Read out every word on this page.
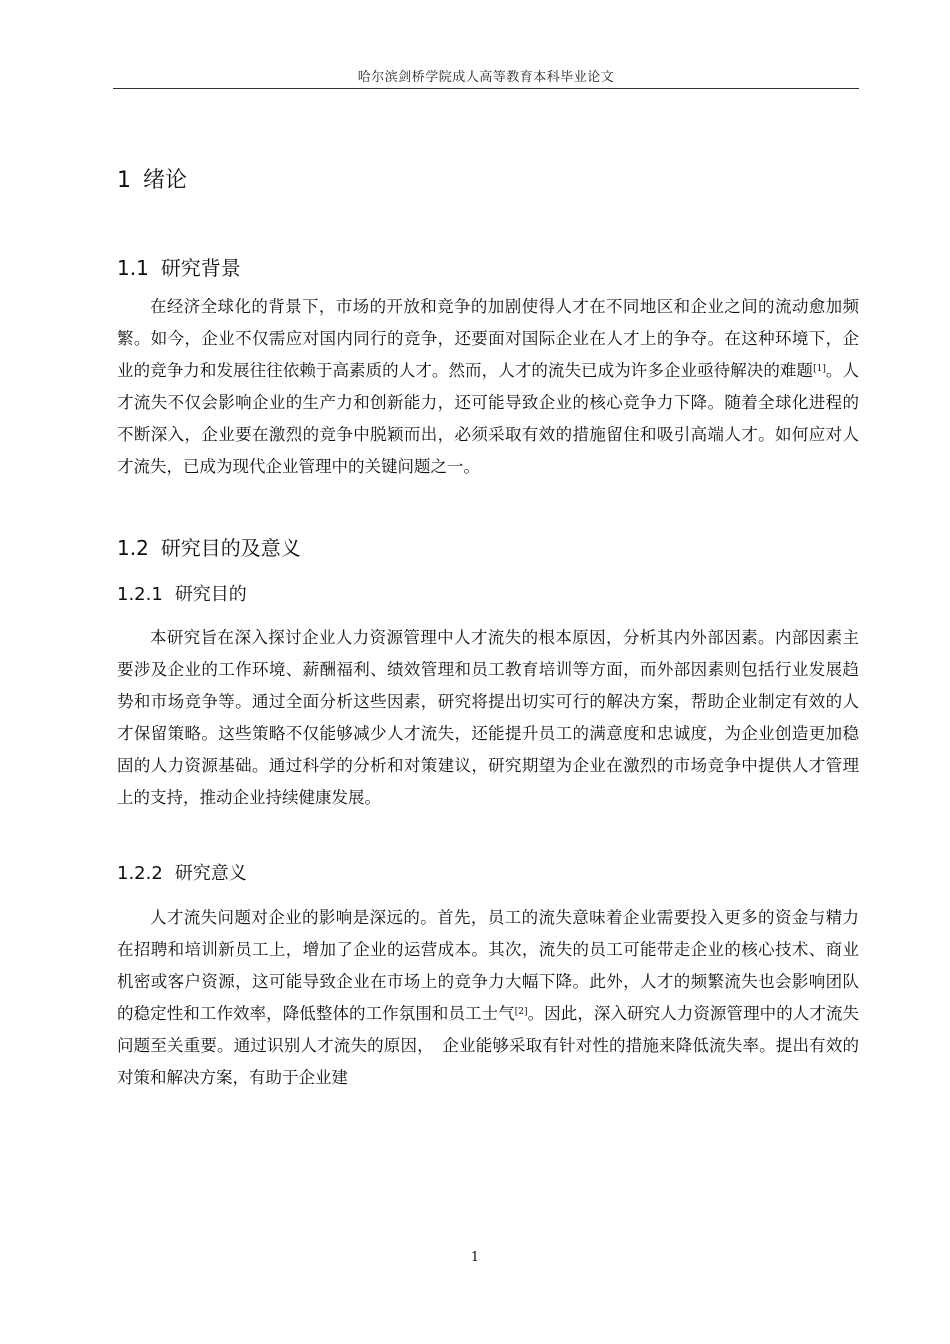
哈尔滨剑桥学院成人高等教育本科毕业论文
1 绪论
1.1 研究背景

在经济全球化的背景下，市场的开放和竞争的加剧使得人才在不同地区和企业之间的流动愈加频繁。如今，企业不仅需应对国内同行的竞争，还要面对国际企业在人才上的争夺。在这种环境下，企业的竞争力和发展往往依赖于高素质的人才。然而，人才的流失已成为许多企业亟待解决的难题[1]。人才流失不仅会影响企业的生产力和创新能力，还可能导致企业的核心竞争力下降。随着全球化进程的不断深入，企业要在激烈的竞争中脱颖而出，必须采取有效的措施留住和吸引高端人才。如何应对人才流失，已成为现代企业管理中的关键问题之一。

1.2 研究目的及意义
1.2.1 研究目的

本研究旨在深入探讨企业人力资源管理中人才流失的根本原因，分析其内外部因素。内部因素主要涉及企业的工作环境、薪酬福利、绩效管理和员工教育培训等方面，而外部因素则包括行业发展趋势和市场竞争等。通过全面分析这些因素，研究将提出切实可行的解决方案，帮助企业制定有效的人才保留策略。这些策略不仅能够减少人才流失，还能提升员工的满意度和忠诚度，为企业创造更加稳固的人力资源基础。通过科学的分析和对策建议，研究期望为企业在激烈的市场竞争中提供人才管理上的支持，推动企业持续健康发展。

1.2.2 研究意义

人才流失问题对企业的影响是深远的。首先，员工的流失意味着企业需要投入更多的资金与精力在招聘和培训新员工上，增加了企业的运营成本。其次，流失的员工可能带走企业的核心技术、商业机密或客户资源，这可能导致企业在市场上的竞争力大幅下降。此外，人才的频繁流失也会影响团队的稳定性和工作效率，降低整体的工作氛围和员工士气[2]。因此，深入研究人力资源管理中的人才流失问题至关重要。通过识别人才流失的原因，　企业能够采取有针对性的措施来降低流失率。提出有效的对策和解决方案，有助于企业建

1
